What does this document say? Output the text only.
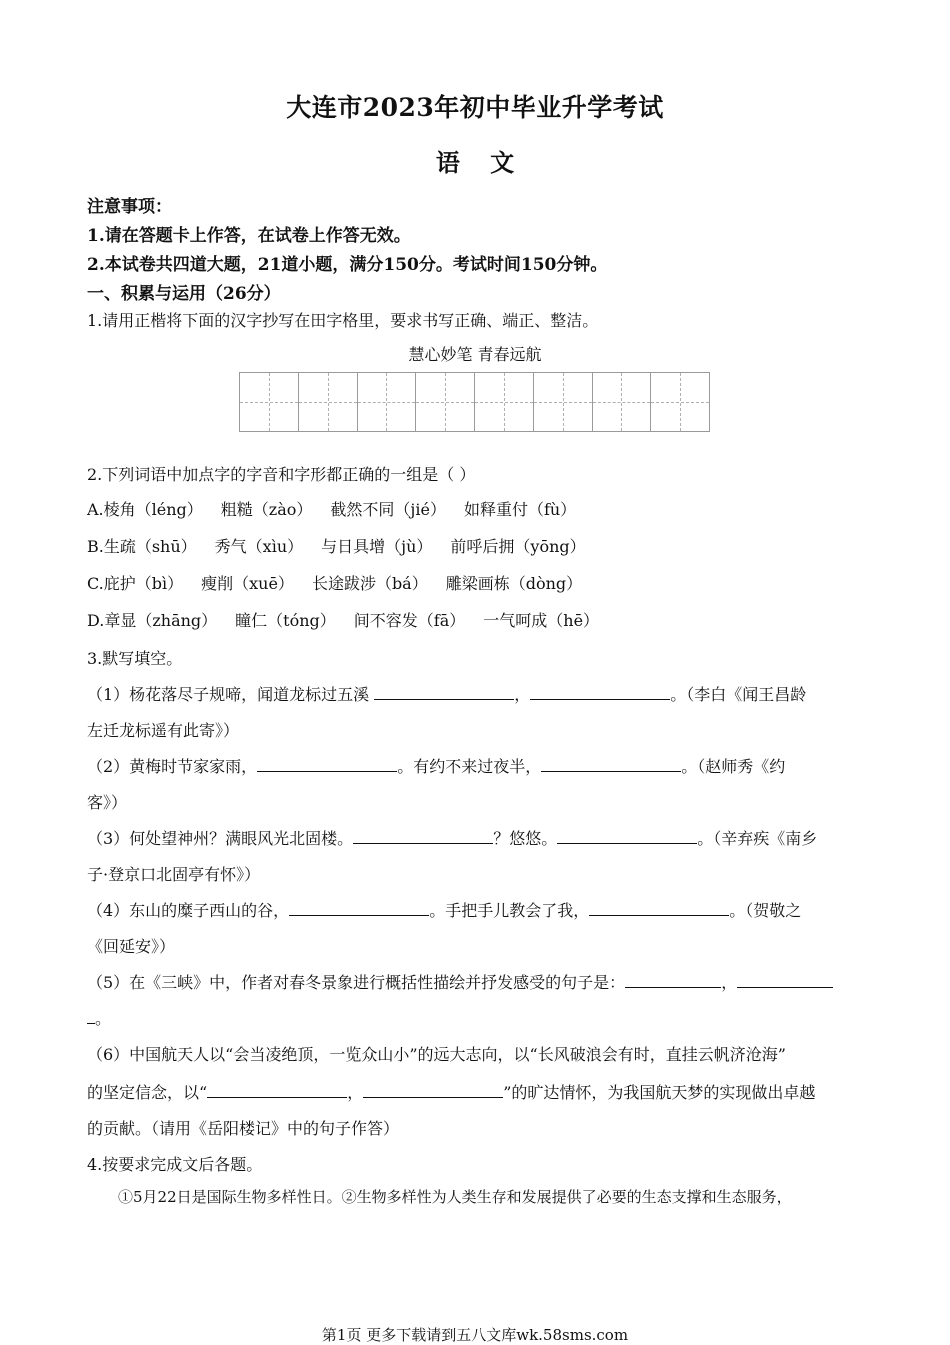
大连市2023年初中毕业升学考试
语 文
注意事项：
1.请在答题卡上作答，在试卷上作答无效。
2.本试卷共四道大题，21道小题，满分150分。考试时间150分钟。
一、积累与运用（26分）
1.请用正楷将下面的汉字抄写在田字格里，要求书写正确、端正、整洁。
慧心妙笔 青春远航
2.下列词语中加点字的字音和字形都正确的一组是（ ）
A.棱角（léng） 粗糙（zào） 截然不同（jié） 如释重付（fù）
B.生疏（shū） 秀气（xìu） 与日具增（jù） 前呼后拥（yōng）
C.庇护（bì） 瘦削（xuē） 长途跋涉（bá） 雕梁画栋（dòng）
D.章显（zhāng） 瞳仁（tóng） 间不容发（fā） 一气呵成（hē）
3.默写填空。
（1）杨花落尽子规啼，闻道龙标过五溪	，	。（李白《闻王昌龄
左迁龙标遥有此寄》）
（2）黄梅时节家家雨，	。有约不来过夜半，	。（赵师秀《约
客》）
（3）何处望神州？满眼风光北固楼。	？悠悠。	。（辛弃疾《南乡
子·登京口北固亭有怀》）
（4）东山的糜子西山的谷，	。手把手儿教会了我，	。（贺敬之
《回延安》）
（5）在《三峡》中，作者对春冬景象进行概括性描绘并抒发感受的句子是：	，
。
（6）中国航天人以“会当凌绝顶，一览众山小”的远大志向，以“长风破浪会有时，直挂云帆济沧海”
的坚定信念，以“	，	”的旷达情怀，为我国航天梦的实现做出卓越
的贡献。（请用《岳阳楼记》中的句子作答）
4.按要求完成文后各题。
①5月22日是国际生物多样性日。②生物多样性为人类生存和发展提供了必要的生态支撑和生态服务，
第1页 更多下载请到五八文库wk.58sms.com
